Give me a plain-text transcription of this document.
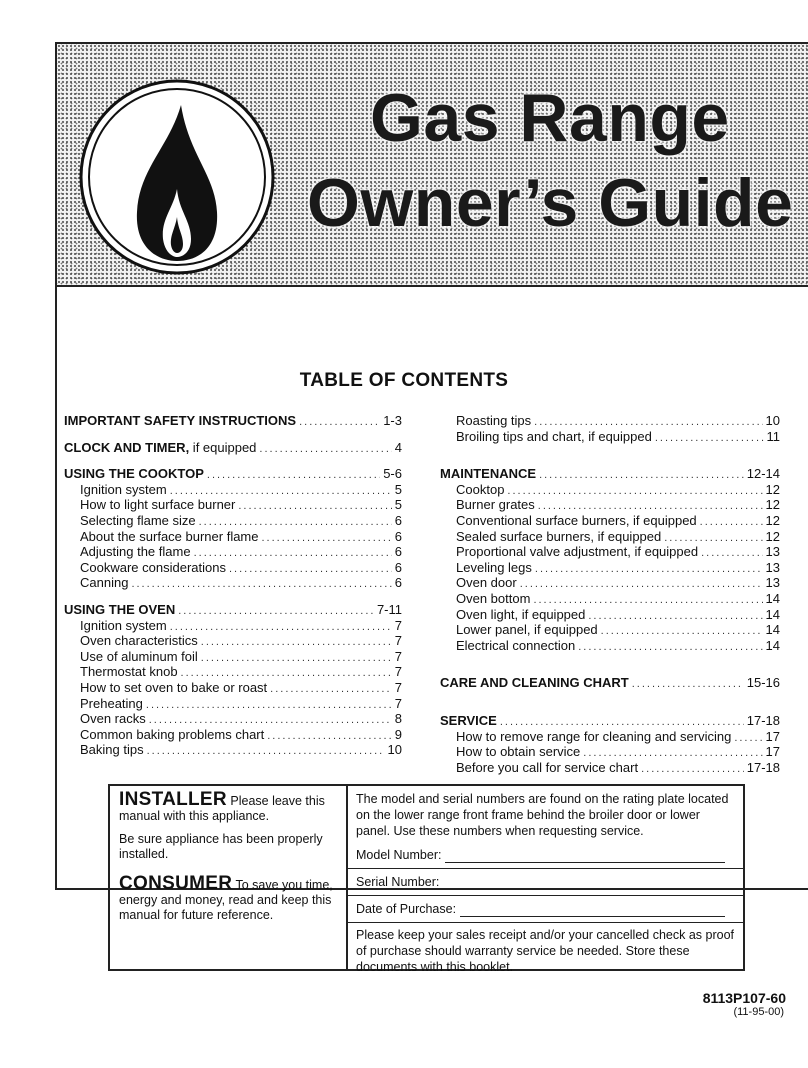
Gas Range
Owner’s Guide
TABLE OF CONTENTS
IMPORTANT SAFETY INSTRUCTIONS .....	1-3
CLOCK AND TIMER, if equipped .....	4
USING THE COOKTOP .....	5-6
Ignition system .....	5
How to light surface burner .....	5
Selecting flame size .....	6
About the surface burner flame .....	6
Adjusting the flame .....	6
Cookware considerations .....	6
Canning .....	6
USING THE OVEN .....	7-11
Ignition system .....	7
Oven characteristics .....	7
Use of aluminum foil .....	7
Thermostat knob .....	7
How to set oven to bake or roast .....	7
Preheating .....	7
Oven racks .....	8
Common baking problems chart .....	9
Baking tips .....	10
Roasting tips .....	10
Broiling tips and chart, if equipped .....	11
MAINTENANCE .....	12-14
Cooktop .....	12
Burner grates .....	12
Conventional surface burners, if equipped .....	12
Sealed surface burners, if equipped .....	12
Proportional valve adjustment, if equipped .....	13
Leveling legs .....	13
Oven door .....	13
Oven bottom .....	14
Oven light, if equipped .....	14
Lower panel, if equipped .....	14
Electrical connection .....	14
CARE AND CLEANING CHART .....	15-16
SERVICE .....	17-18
How to remove range for cleaning and servicing .....	17
How to obtain service .....	17
Before you call for service chart .....	17-18

INSTALLER Please leave this manual with this appliance.

Be sure appliance has been properly installed.

CONSUMER To save you time, energy and money, read and keep this manual for future reference.

The model and serial numbers are found on the rating plate located on the lower range front frame behind the broiler door or lower panel. Use these numbers when requesting service.
Model Number:
Serial Number:
Date of Purchase:
Please keep your sales receipt and/or your cancelled check as proof of purchase should warranty service be needed. Store these documents with this booklet.
8113P107-60
(11-95-00)
